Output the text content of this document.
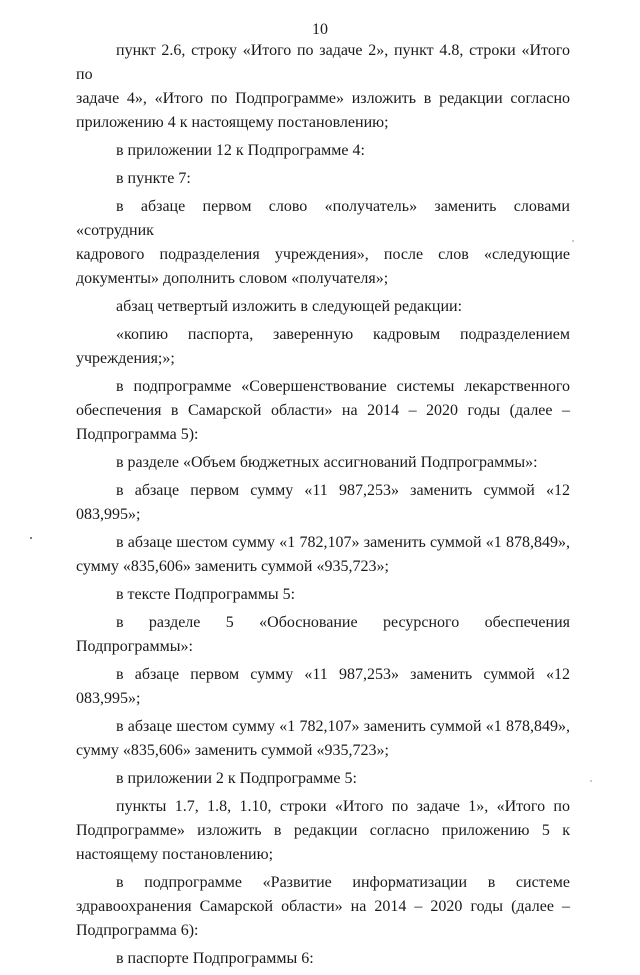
10
пункт 2.6, строку «Итого по задаче 2», пункт 4.8, строки «Итого по
задаче 4», «Итого по Подпрограмме» изложить в редакции согласно
приложению 4 к настоящему постановлению;
в приложении 12 к Подпрограмме 4:
в пункте 7:
в абзаце первом слово «получатель» заменить словами «сотрудник
кадрового подразделения учреждения», после слов «следующие
документы» дополнить словом «получателя»;
абзац четвертый изложить в следующей редакции:
«копию паспорта, заверенную кадровым подразделением
учреждения;»;
в подпрограмме «Совершенствование системы лекарственного
обеспечения в Самарской области» на 2014 – 2020 годы (далее –
Подпрограмма 5):
в разделе «Объем бюджетных ассигнований Подпрограммы»:
в абзаце первом сумму «11 987,253» заменить суммой «12 083,995»;
в абзаце шестом сумму «1 782,107» заменить суммой «1 878,849»,
сумму «835,606» заменить суммой «935,723»;
в тексте Подпрограммы 5:
в разделе 5 «Обоснование ресурсного обеспечения Подпрограммы»:
в абзаце первом сумму «11 987,253» заменить суммой «12 083,995»;
в абзаце шестом сумму «1 782,107» заменить суммой «1 878,849»,
сумму «835,606» заменить суммой «935,723»;
в приложении 2 к Подпрограмме 5:
пункты 1.7, 1.8, 1.10, строки «Итого по задаче 1», «Итого по
Подпрограмме» изложить в редакции согласно приложению 5 к
настоящему постановлению;
в подпрограмме «Развитие информатизации в системе
здравоохранения Самарской области» на 2014 – 2020 годы (далее –
Подпрограмма 6):
в паспорте Подпрограммы 6:
